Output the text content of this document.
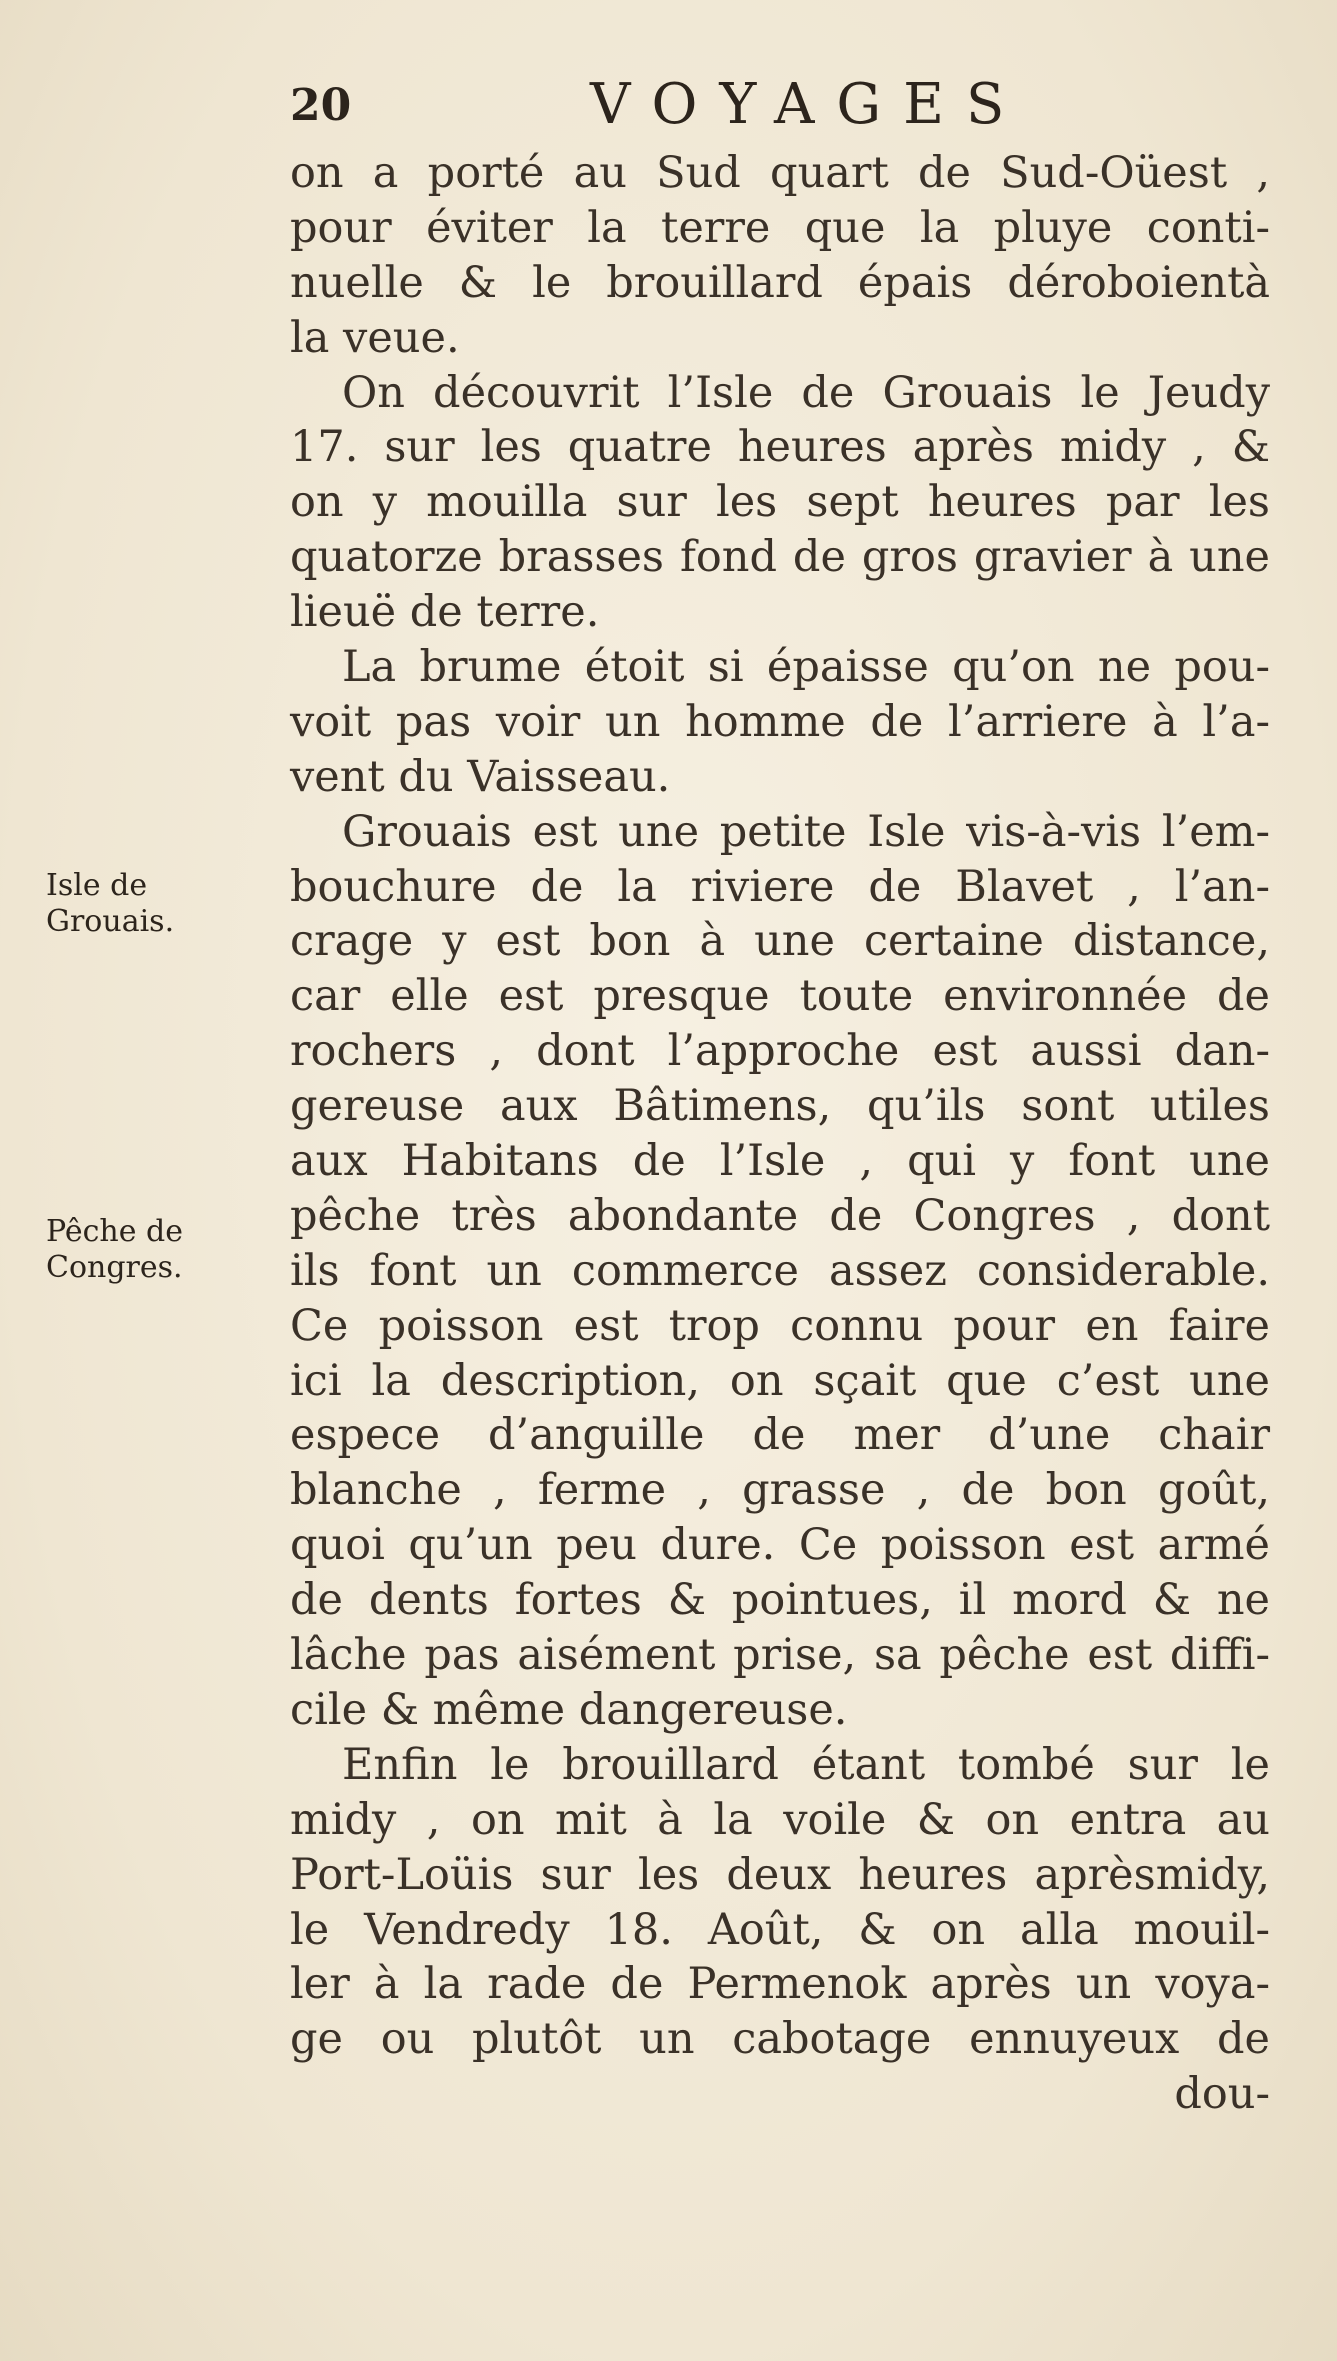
20	VOYAGES
Isle de
Grouais.
Pêche de
Congres.
on a porté au Sud quart de Sud-Oüest ,
pour éviter la terre que la pluye conti-
nuelle & le brouillard épais déroboientà
la veue.
On découvrit l’Isle de Grouais le Jeudy
17. sur les quatre heures après midy , &
on y mouilla sur les sept heures par les
quatorze brasses fond de gros gravier à une
lieuë de terre.
La brume étoit si épaisse qu’on ne pou-
voit pas voir un homme de l’arriere à l’a-
vent du Vaisseau.
Grouais est une petite Isle vis-à-vis l’em-
bouchure de la riviere de Blavet , l’an-
crage y est bon à une certaine distance,
car elle est presque toute environnée de
rochers , dont l’approche est aussi dan-
gereuse aux Bâtimens, qu’ils sont utiles
aux Habitans de l’Isle , qui y font une
pêche très abondante de Congres , dont
ils font un commerce assez considerable.
Ce poisson est trop connu pour en faire
ici la description, on sçait que c’est une
espece d’anguille de mer d’une chair
blanche , ferme , grasse , de bon goût,
quoi qu’un peu dure. Ce poisson est armé
de dents fortes & pointues, il mord & ne
lâche pas aisément prise, sa pêche est diffi-
cile & même dangereuse.
Enfin le brouillard étant tombé sur le
midy , on mit à la voile & on entra au
Port-Loüis sur les deux heures aprèsmidy,
le Vendredy 18. Août, & on alla mouil-
ler à la rade de Permenok après un voya-
ge ou plutôt un cabotage ennuyeux de
dou-
